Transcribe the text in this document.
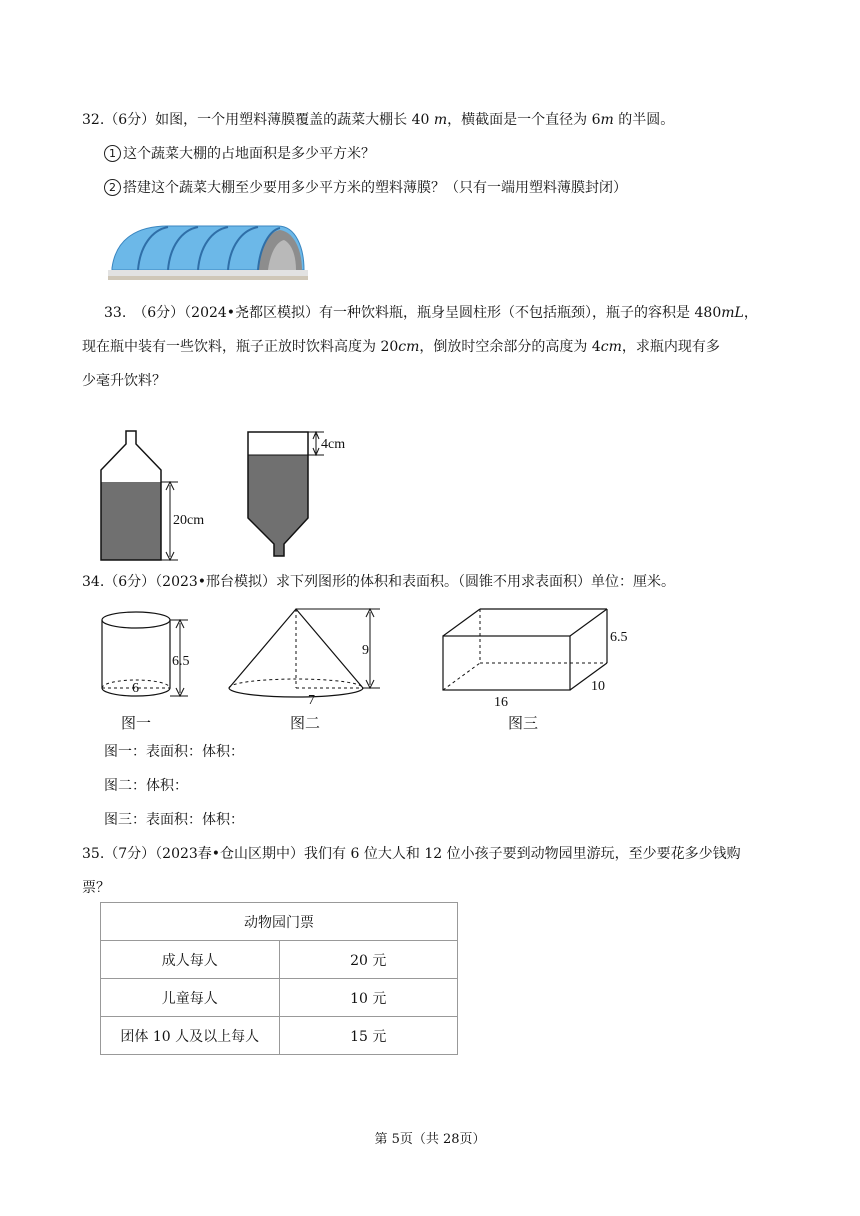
32.（6分）如图，一个用塑料薄膜覆盖的蔬菜大棚长 40 m，横截面是一个直径为 6m 的半圆。
1 这个蔬菜大棚的占地面积是多少平方米？
2 搭建这个蔬菜大棚至少要用多少平方米的塑料薄膜？（只有一端用塑料薄膜封闭）
33.　（6分）（2024•尧都区模拟）有一种饮料瓶，瓶身呈圆柱形（不包括瓶颈），瓶子的容积是 480mL，
现在瓶中装有一些饮料，瓶子正放时饮料高度为 20cm，倒放时空余部分的高度为 4cm，求瓶内现有多
少毫升饮料？
20cm
4cm
34.（6分）（2023•邢台模拟）求下列图形的体积和表面积。（圆锥不用求表面积）单位：厘米。
6.5
6
图一
9
7
图二
6.5
10
16
图三
图一：表面积：体积：
图二：体积：
图三：表面积：体积：
35.（7分）（2023春•仓山区期中）我们有 6 位大人和 12 位小孩子要到动物园里游玩，至少要花多少钱购
票？
动物园门票	
成人每人	20 元
儿童每人	10 元
团体 10 人及以上每人	15 元
第 5页（共 28页）
